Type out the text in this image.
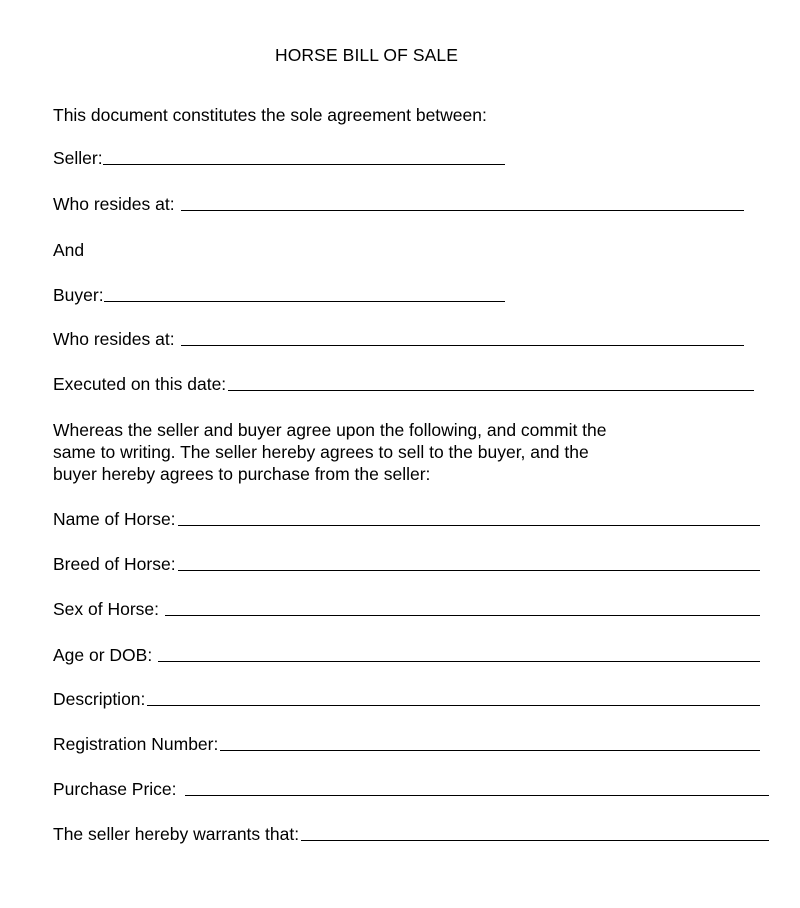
HORSE BILL OF SALE
This document constitutes the sole agreement between:
Seller:
Who resides at:
And
Buyer:
Who resides at:
Executed on this date:
Whereas the seller and buyer agree upon the following, and commit the
same to writing. The seller hereby agrees to sell to the buyer, and the
buyer hereby agrees to purchase from the seller:
Name of Horse:
Breed of Horse:
Sex of Horse:
Age or DOB:
Description:
Registration Number:
Purchase Price:
The seller hereby warrants that:
